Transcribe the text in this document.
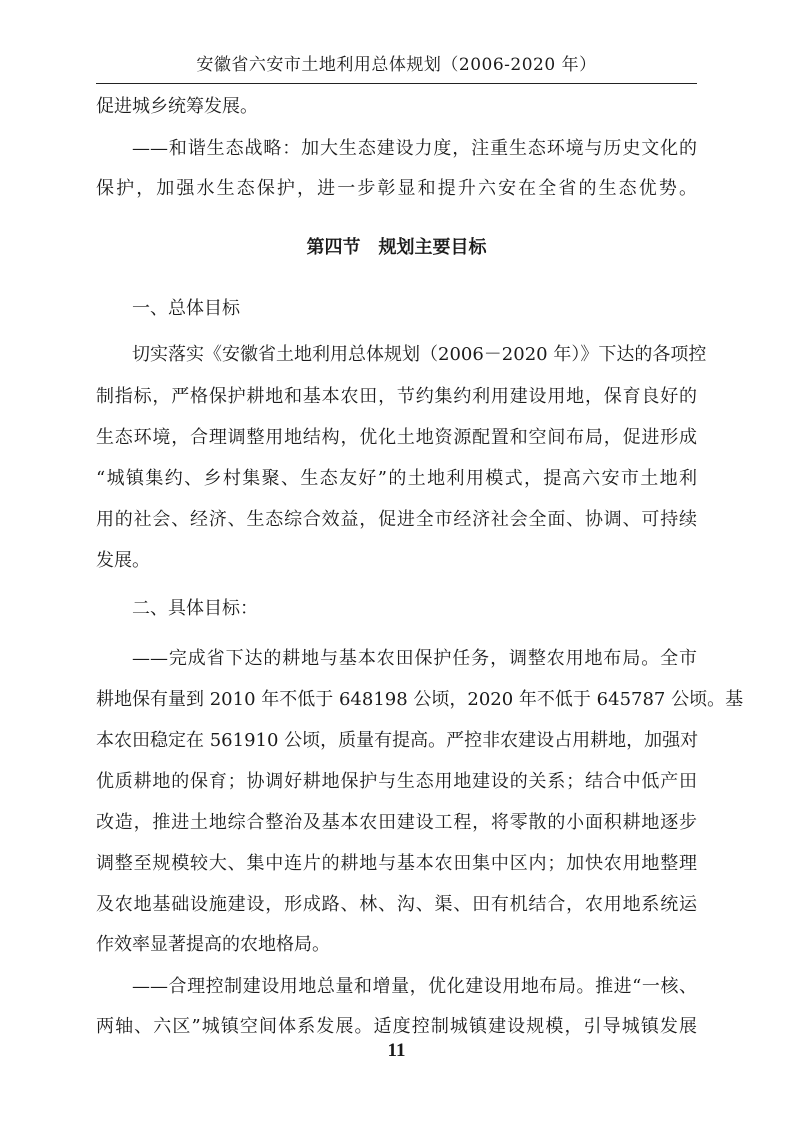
安徽省六安市土地利用总体规划（2006-2020 年）
促进城乡统筹发展。
——和谐生态战略：加大生态建设力度，注重生态环境与历史文化的
保护，加强水生态保护，进一步彰显和提升六安在全省的生态优势。
第四节　规划主要目标
一、总体目标
切实落实《安徽省土地利用总体规划（2006－2020 年）》下达的各项控
制指标，严格保护耕地和基本农田，节约集约利用建设用地，保育良好的
生态环境，合理调整用地结构，优化土地资源配置和空间布局，促进形成
“城镇集约、乡村集聚、生态友好”的土地利用模式，提高六安市土地利
用的社会、经济、生态综合效益，促进全市经济社会全面、协调、可持续
发展。
二、具体目标：
——完成省下达的耕地与基本农田保护任务，调整农用地布局。全市
耕地保有量到 2010 年不低于 648198 公顷，2020 年不低于 645787 公顷。基
本农田稳定在 561910 公顷，质量有提高。严控非农建设占用耕地，加强对
优质耕地的保育；协调好耕地保护与生态用地建设的关系；结合中低产田
改造，推进土地综合整治及基本农田建设工程，将零散的小面积耕地逐步
调整至规模较大、集中连片的耕地与基本农田集中区内；加快农用地整理
及农地基础设施建设，形成路、林、沟、渠、田有机结合，农用地系统运
作效率显著提高的农地格局。
——合理控制建设用地总量和增量，优化建设用地布局。推进“一核、
两轴、六区”城镇空间体系发展。适度控制城镇建设规模，引导城镇发展
11
